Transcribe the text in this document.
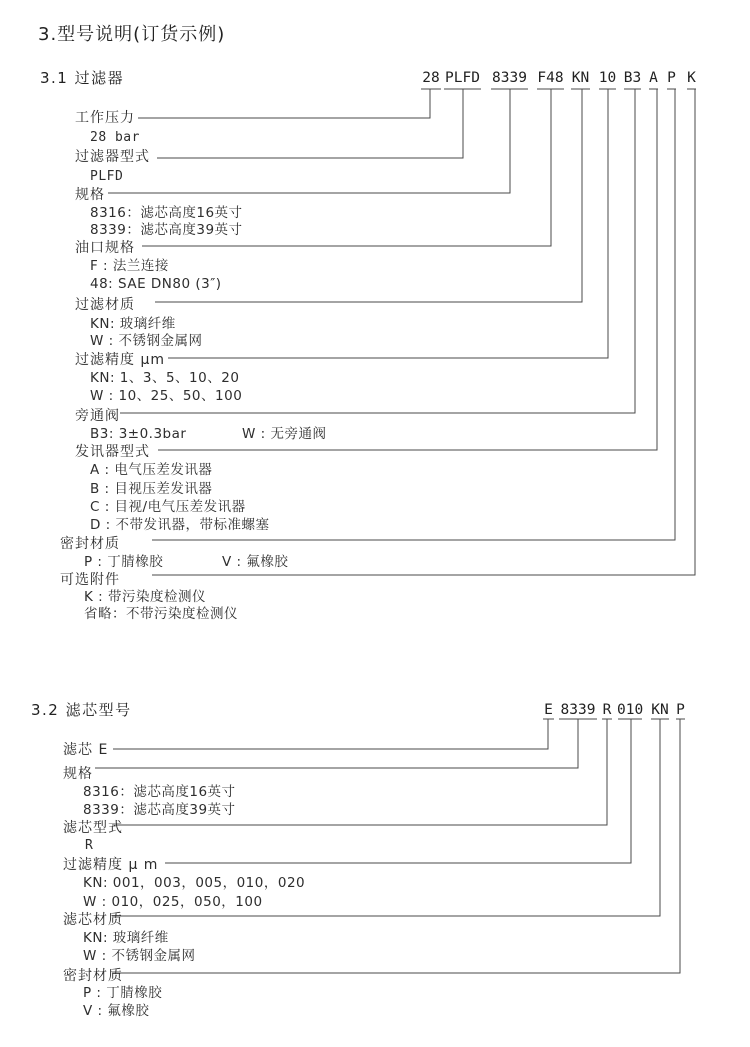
3.型号说明(订货示例)
3.1 过滤器
3.2 滤芯型号
28 PLFD 8339 F48 KN 10 B3 A P K
工作压力
28 bar
过滤器型式
PLFD
规格
8316：滤芯高度16英寸
8339：滤芯高度39英寸
油口规格
F : 法兰连接
48: SAE DN80 (3″)
过滤材质
KN: 玻璃纤维
W : 不锈钢金属网
过滤精度 μm
KN: 1、3、5、10、20
W : 10、25、50、100
旁通阀
B3: 3±0.3bar	W : 无旁通阀
发讯器型式
A : 电气压差发讯器
B : 目视压差发讯器
C : 目视/电气压差发讯器
D : 不带发讯器，带标准螺塞
密封材质
P : 丁腈橡胶	V : 氟橡胶
可选附件
K : 带污染度检测仪
省略：不带污染度检测仪
E 8339 R 010 KN P
滤芯 E
规格
8316：滤芯高度16英寸
8339：滤芯高度39英寸
滤芯型式
R
过滤精度 μ m
KN: 001，003，005，010，020
W : 010，025，050，100
滤芯材质
KN: 玻璃纤维
W : 不锈钢金属网
密封材质
P : 丁腈橡胶
V : 氟橡胶
